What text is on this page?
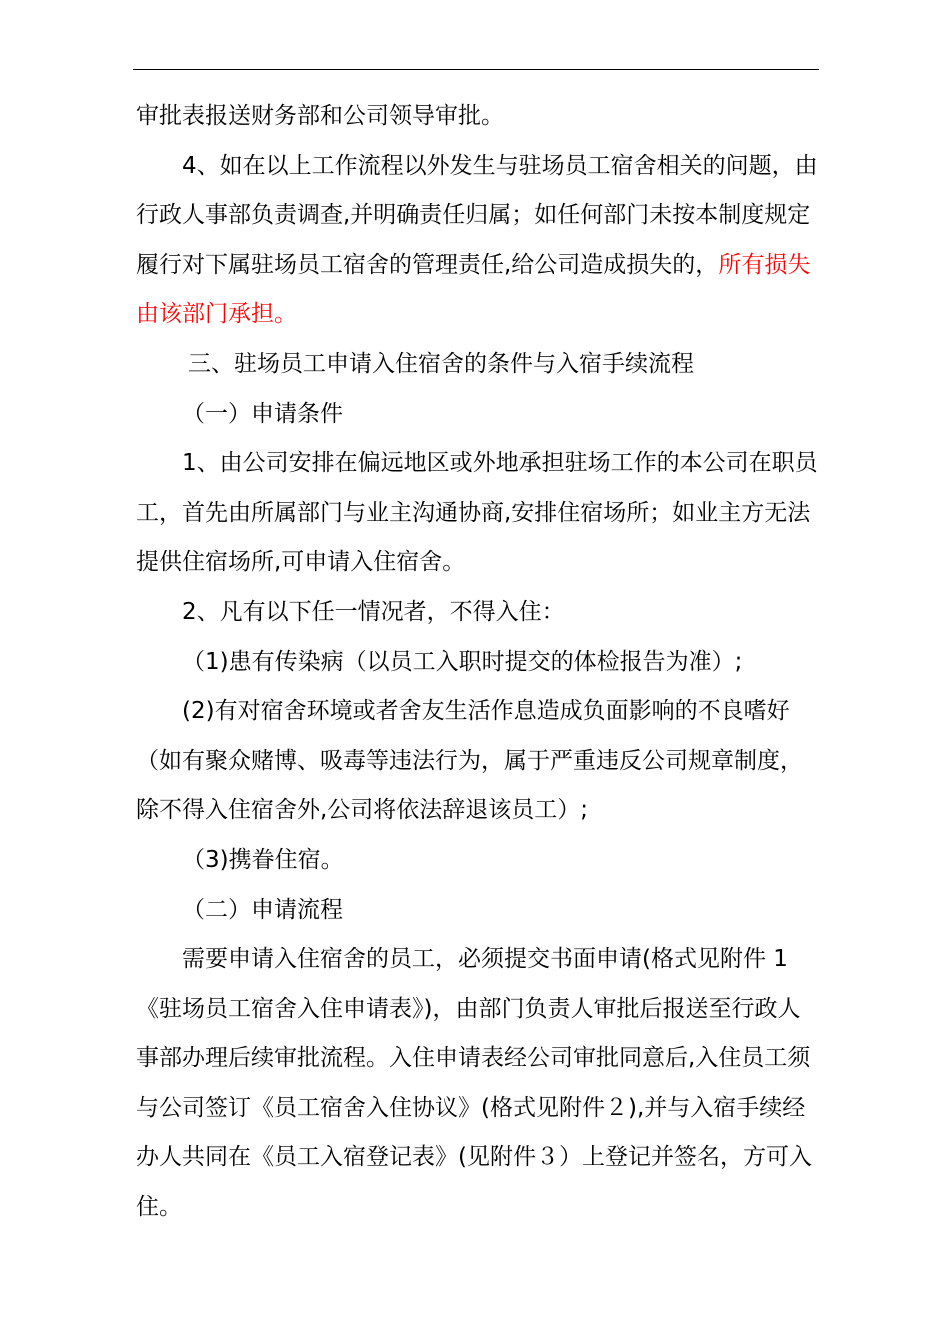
审批表报送财务部和公司领导审批。

4、如在以上工作流程以外发生与驻场员工宿舍相关的问题，由行政人事部负责调查,并明确责任归属；如任何部门未按本制度规定履行对下属驻场员工宿舍的管理责任,给公司造成损失的，所有损失由该部门承担。

三、驻场员工申请入住宿舍的条件与入宿手续流程

（一）申请条件

1、由公司安排在偏远地区或外地承担驻场工作的本公司在职员工，首先由所属部门与业主沟通协商,安排住宿场所；如业主方无法提供住宿场所,可申请入住宿舍。

2、凡有以下任一情况者，不得入住：

（1)患有传染病（以员工入职时提交的体检报告为准）;

(2)有对宿舍环境或者舍友生活作息造成负面影响的不良嗜好（如有聚众赌博、吸毒等违法行为，属于严重违反公司规章制度，除不得入住宿舍外,公司将依法辞退该员工）;

（3)携眷住宿。

（二）申请流程

需要申请入住宿舍的员工，必须提交书面申请(格式见附件 1《驻场员工宿舍入住申请表》)，由部门负责人审批后报送至行政人事部办理后续审批流程。入住申请表经公司审批同意后,入住员工须与公司签订《员工宿舍入住协议》(格式见附件２),并与入宿手续经办人共同在《员工入宿登记表》(见附件３）上登记并签名，方可入住。
